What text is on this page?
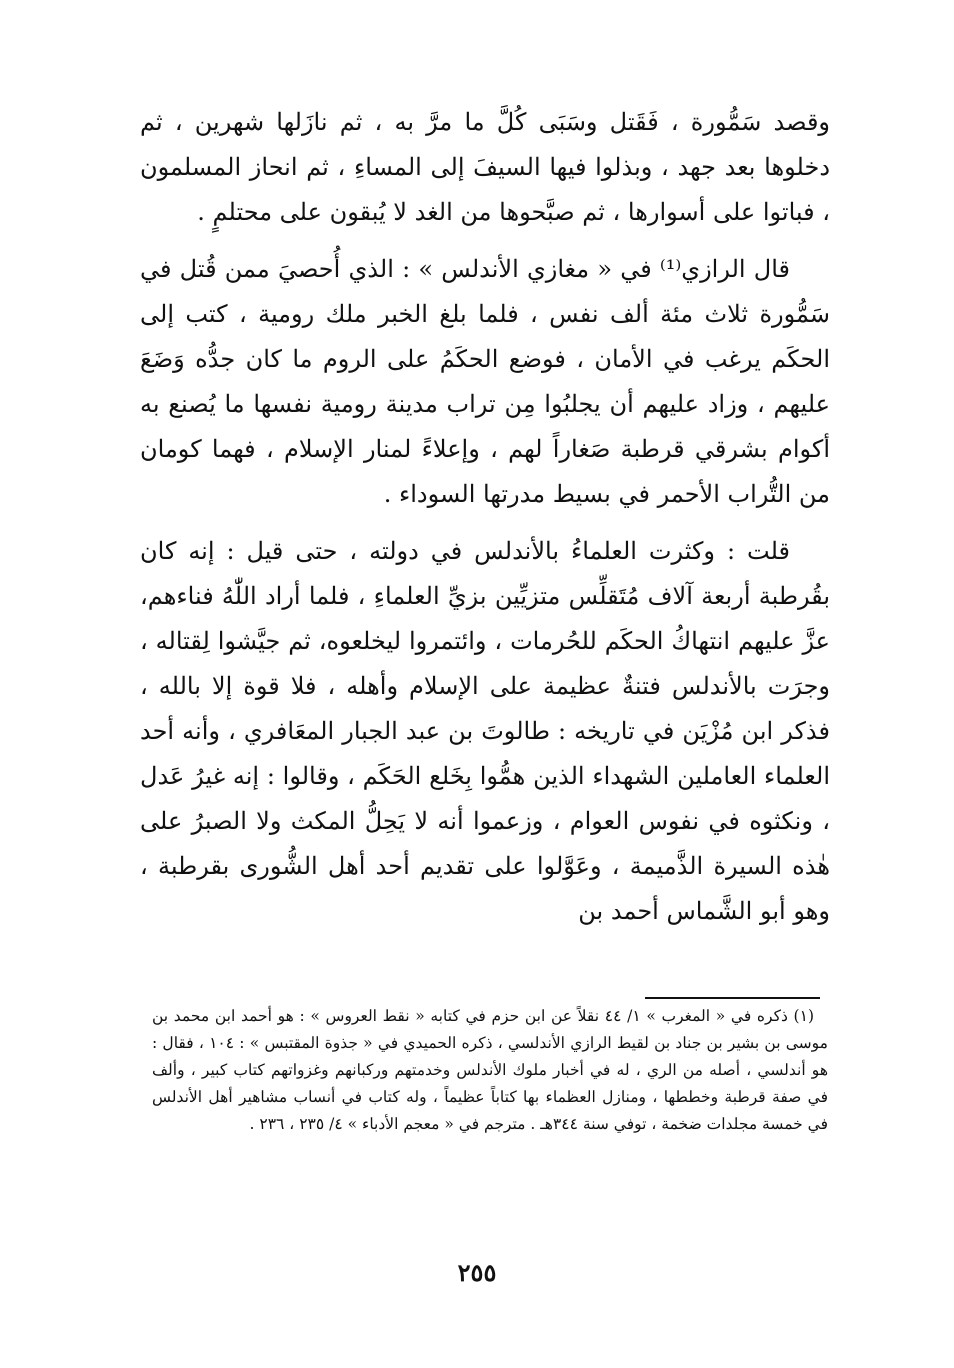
وقصد سَمُّورة ، فَقَتل وسَبَى كُلَّ ما مرَّ به ، ثم نازَلها شهرين ، ثم دخلوها بعد جهد ، وبذلوا فيها السيفَ إلى المساءِ ، ثم انحاز المسلمون ، فباتوا على أسوارها ، ثم صبَّحوها من الغد لا يُبقون على محتلمٍ .

قال الرازي⁽¹⁾ في « مغازي الأندلس » : الذي أُحصيَ ممن قُتل في سَمُّورة ثلاث مئة ألف نفس ، فلما بلغ الخبر ملك رومية ، كتب إلى الحكَم يرغب في الأمان ، فوضع الحكَمُ على الروم ما كان جدُّه وَضَعَ عليهم ، وزاد عليهم أن يجلبُوا مِن تراب مدينة رومية نفسها ما يُصنع به أكوام بشرقي قرطبة صَغاراً لهم ، وإعلاءً لمنار الإسلام ، فهما كومان من التُّراب الأحمر في بسيط مدرتها السوداء .

قلت : وكثرت العلماءُ بالأندلس في دولته ، حتى قيل : إنه كان بقُرطبة أربعة آلاف مُتَقلِّس متزيِّين بزيِّ العلماءِ ، فلما أراد اللّٰهُ فناءهم، عزَّ عليهم انتهاكُ الحكَم للحُرمات ، وائتمروا ليخلعوه، ثم جيَّشوا لِقتاله ، وجرَت بالأندلس فتنةٌ عظيمة على الإسلام وأهله ، فلا قوة إلا بالله ، فذكر ابن مُزْيَن في تاريخه : طالوتَ بن عبد الجبار المعَافري ، وأنه أحد العلماء العاملين الشهداء الذين همُّوا بِخَلع الحَكَم ، وقالوا : إنه غيرُ عَدل ، ونكثوه في نفوس العوام ، وزعموا أنه لا يَحِلُّ المكث ولا الصبرُ على هٰذه السيرة الذَّميمة ، وعَوَّلوا على تقديم أحد أهل الشُّورى بقرطبة ، وهو أبو الشَّماس أحمد بن

(١) ذكره في « المغرب » ١/ ٤٤ نقلاً عن ابن حزم في كتابه « نقط العروس » : هو أحمد ابن محمد بن موسى بن بشير بن جناد بن لقيط الرازي الأندلسي ، ذكره الحميدي في « جذوة المقتبس » : ١٠٤ ، فقال : هو أندلسي ، أصله من الري ، له في أخبار ملوك الأندلس وخدمتهم وركبانهم وغزواتهم كتاب كبير ، وألف في صفة قرطبة وخططها ، ومنازل العظماء بها كتاباً عظيماً ، وله كتاب في أنساب مشاهير أهل الأندلس في خمسة مجلدات ضخمة ، توفي سنة ٣٤٤هـ . مترجم في « معجم الأدباء » ٤/ ٢٣٥ ، ٢٣٦ .

٢٥٥
